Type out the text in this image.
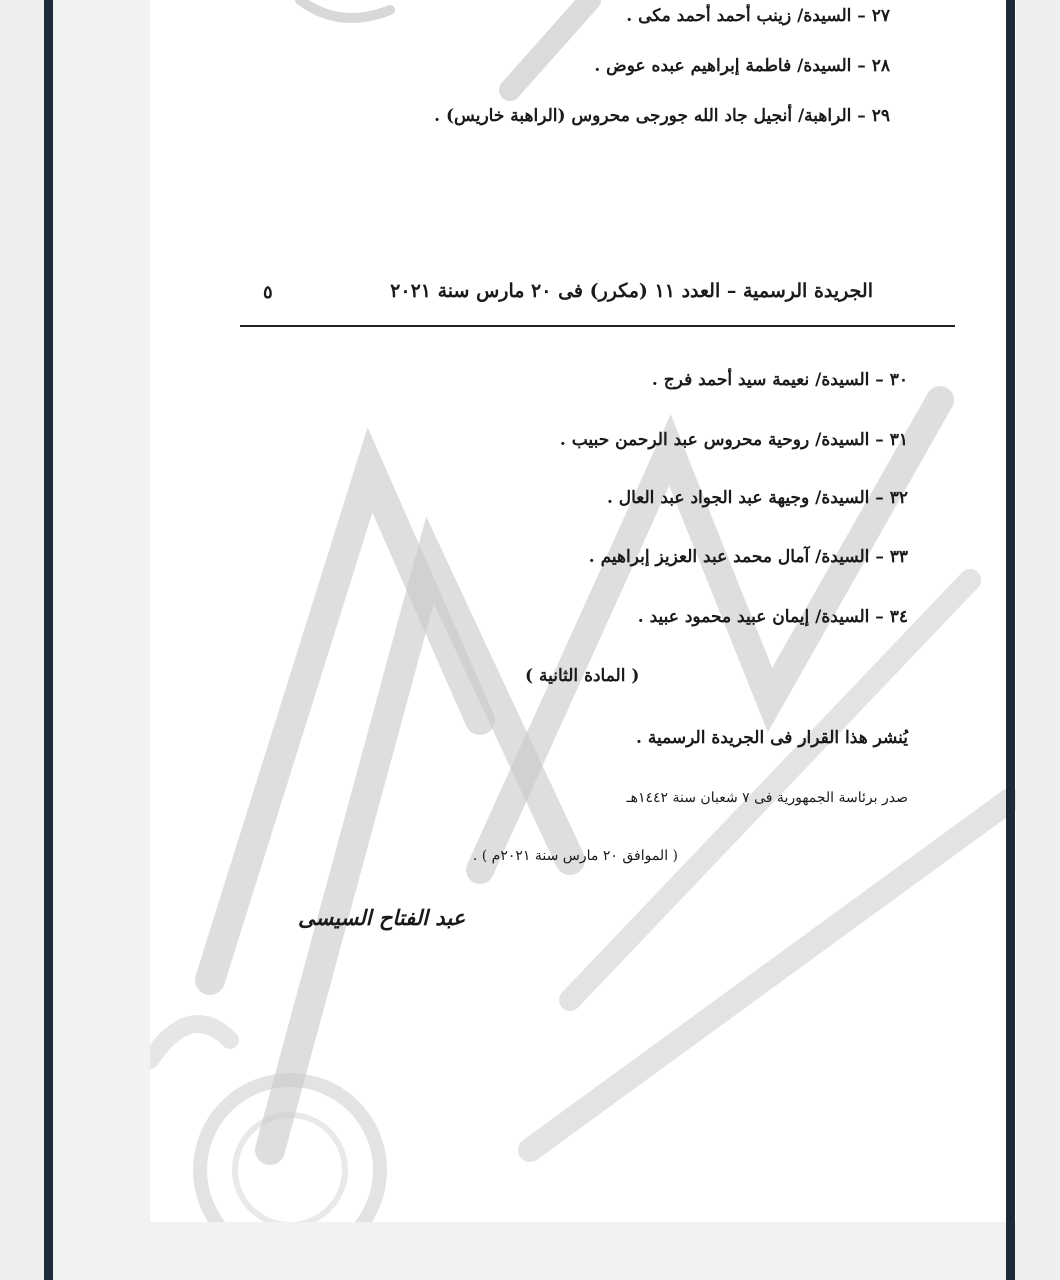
٢٧ – السيدة/ زينب أحمد أحمد مكى .
٢٨ – السيدة/ فاطمة إبراهيم عبده عوض .
٢٩ – الراهبة/ أنجيل جاد الله جورجى محروس (الراهبة خاريس) .
الجريدة الرسمية – العدد ١١ (مكرر) فى ٢٠ مارس سنة ٢٠٢١
٥
٣٠ – السيدة/ نعيمة سيد أحمد فرج .
٣١ – السيدة/ روحية محروس عبد الرحمن حبيب .
٣٢ – السيدة/ وجيهة عبد الجواد عبد العال .
٣٣ – السيدة/ آمال محمد عبد العزيز إبراهيم .
٣٤ – السيدة/ إيمان عبيد محمود عبيد .
( المادة الثانية )
يُنشر هذا القرار فى الجريدة الرسمية .
صدر برئاسة الجمهورية فى ٧ شعبان سنة ١٤٤٢هـ
( الموافق ٢٠ مارس سنة ٢٠٢١م ) .
عبد الفتاح السيسى
